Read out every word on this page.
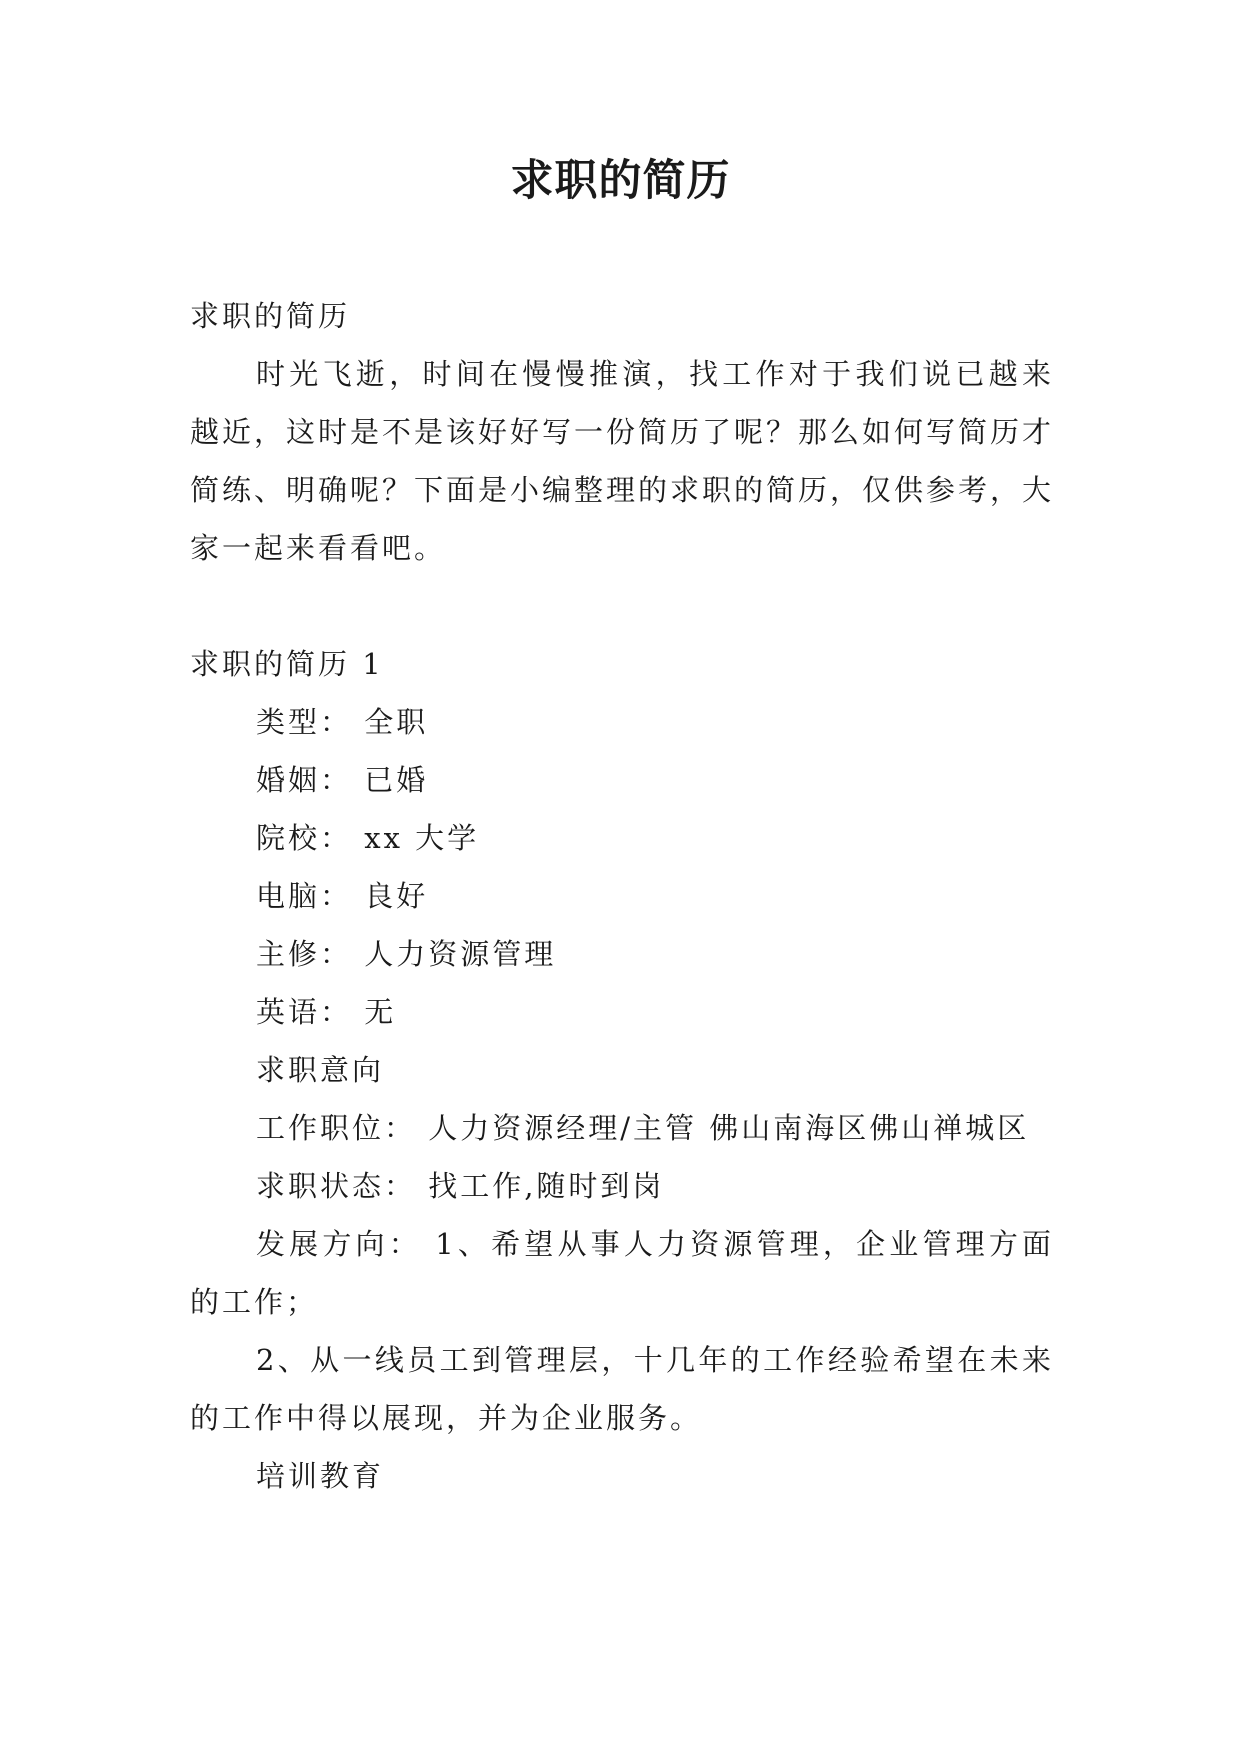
求职的简历

求职的简历

时光飞逝，时间在慢慢推演，找工作对于我们说已越来越近，这时是不是该好好写一份简历了呢？那么如何写简历才简练、明确呢？下面是小编整理的求职的简历，仅供参考，大家一起来看看吧。

求职的简历 1

类型： 全职

婚姻： 已婚

院校： xx 大学

电脑： 良好

主修： 人力资源管理

英语： 无

求职意向

工作职位： 人力资源经理/主管 佛山南海区佛山禅城区

求职状态： 找工作,随时到岗

发展方向： 1、希望从事人力资源管理，企业管理方面的工作；

2、从一线员工到管理层，十几年的工作经验希望在未来的工作中得以展现，并为企业服务。

培训教育
